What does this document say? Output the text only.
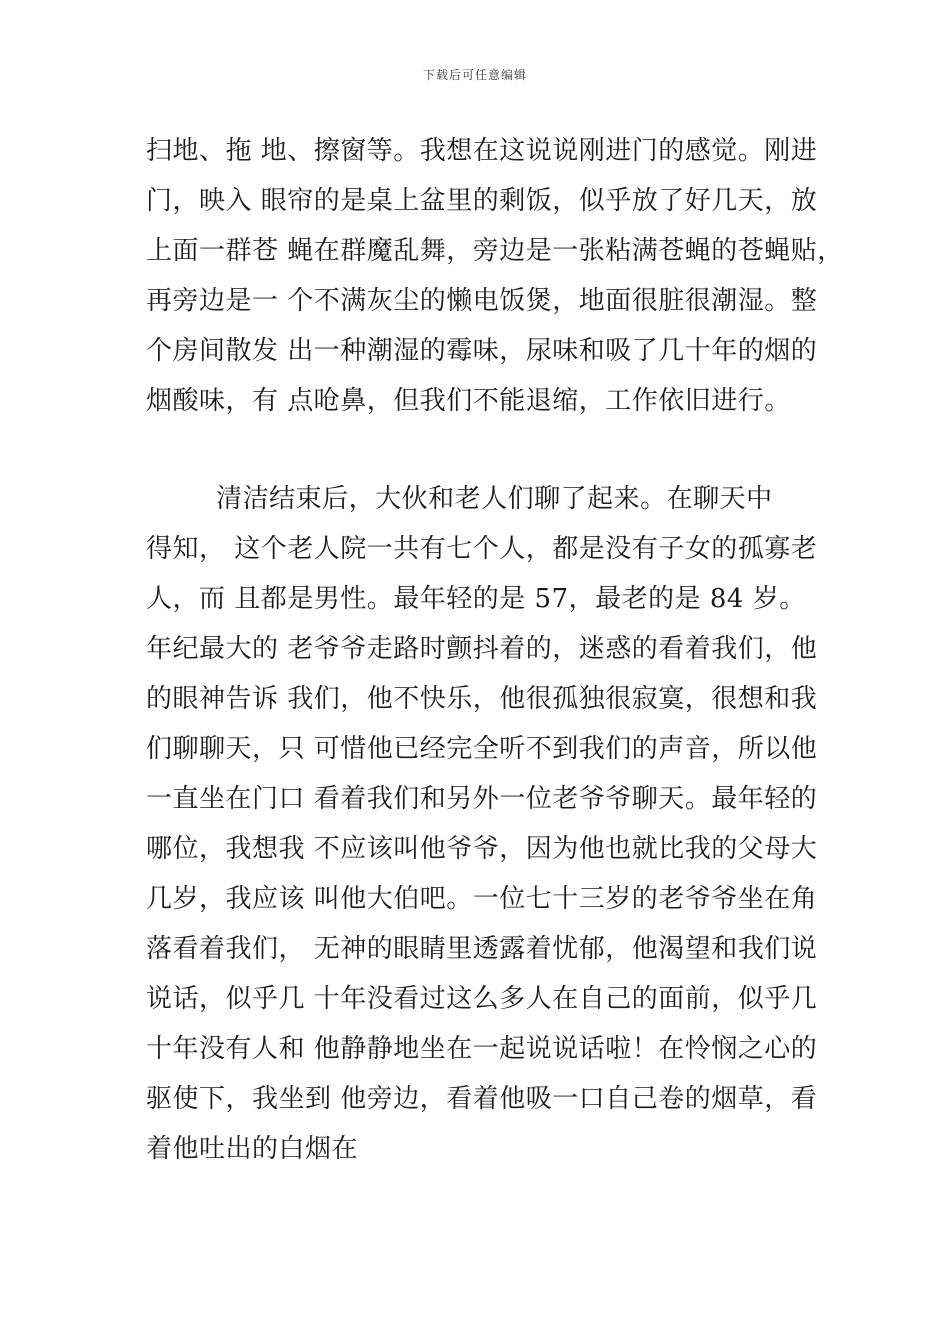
下载后可任意编辑
扫地、拖 地、擦窗等。我想在这说说刚进门的感觉。刚进
门，映入 眼帘的是桌上盆里的剩饭，似乎放了好几天，放
上面一群苍 蝇在群魔乱舞，旁边是一张粘满苍蝇的苍蝇贴，
再旁边是一 个不满灰尘的懒电饭煲，地面很脏很潮湿。整
个房间散发 出一种潮湿的霉味，尿味和吸了几十年的烟的
烟酸味，有 点呛鼻，但我们不能退缩，工作依旧进行。
清洁结束后，大伙和老人们聊了起来。在聊天中
得知， 这个老人院一共有七个人，都是没有子女的孤寡老
人，而 且都是男性。最年轻的是 57，最老的是 84 岁。
年纪最大的 老爷爷走路时颤抖着的，迷惑的看着我们，他
的眼神告诉 我们，他不快乐，他很孤独很寂寞，很想和我
们聊聊天，只 可惜他已经完全听不到我们的声音，所以他
一直坐在门口 看着我们和另外一位老爷爷聊天。最年轻的
哪位，我想我 不应该叫他爷爷，因为他也就比我的父母大
几岁，我应该 叫他大伯吧。一位七十三岁的老爷爷坐在角
落看着我们， 无神的眼睛里透露着忧郁，他渴望和我们说
说话，似乎几 十年没看过这么多人在自己的面前，似乎几
十年没有人和 他静静地坐在一起说说话啦！在怜悯之心的
驱使下，我坐到 他旁边，看着他吸一口自己卷的烟草，看
着他吐出的白烟在
